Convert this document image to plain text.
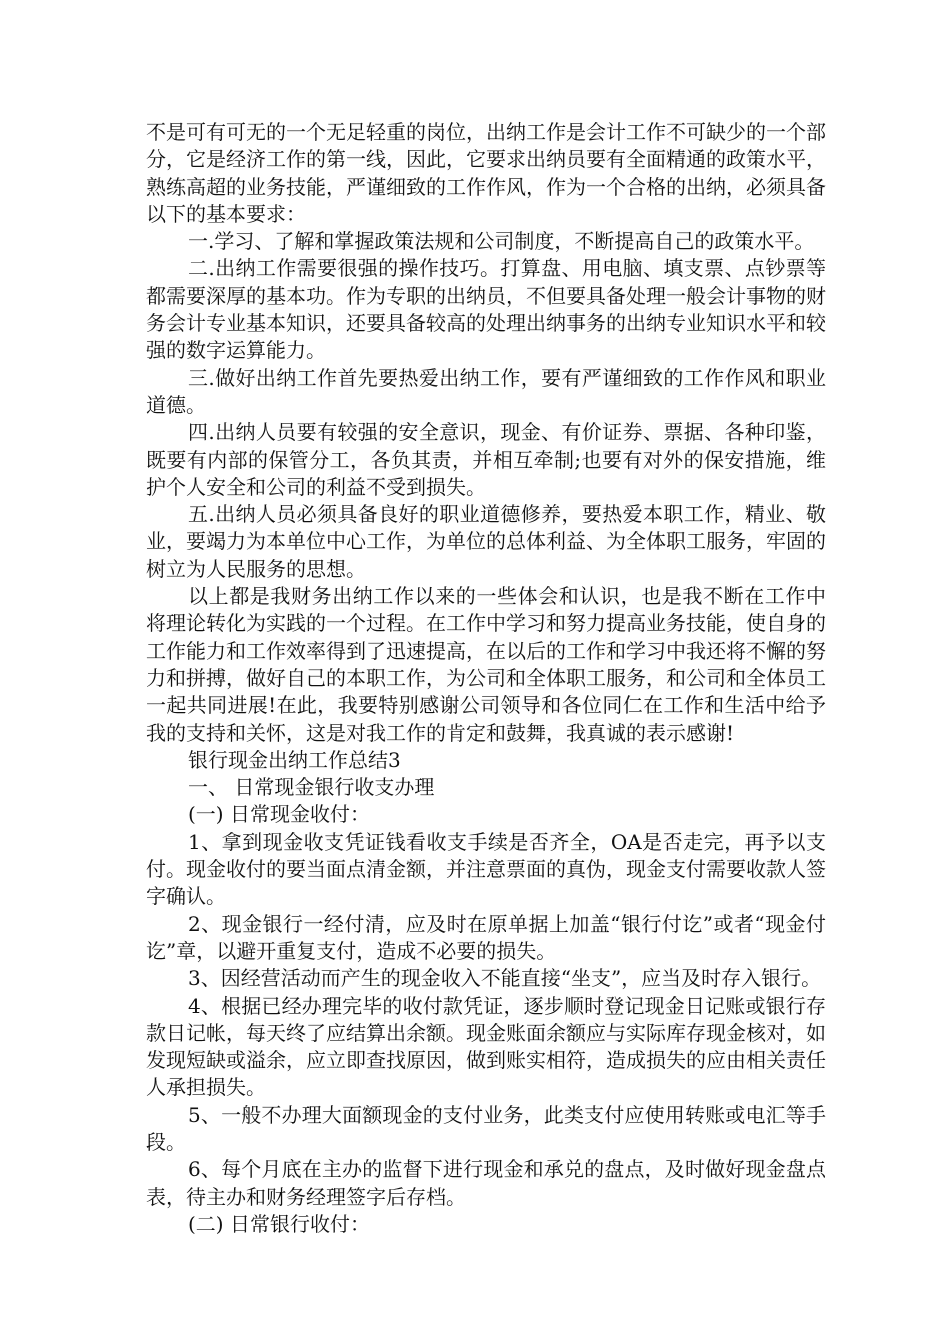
不是可有可无的一个无足轻重的岗位，出纳工作是会计工作不可缺少的一个部分，它是经济工作的第一线，因此，它要求出纳员要有全面精通的政策水平，熟练高超的业务技能，严谨细致的工作作风，作为一个合格的出纳，必须具备以下的基本要求：

一.学习、了解和掌握政策法规和公司制度，不断提高自己的政策水平。

二.出纳工作需要很强的操作技巧。打算盘、用电脑、填支票、点钞票等都需要深厚的基本功。作为专职的出纳员，不但要具备处理一般会计事物的财务会计专业基本知识，还要具备较高的处理出纳事务的出纳专业知识水平和较强的数字运算能力。

三.做好出纳工作首先要热爱出纳工作，要有严谨细致的工作作风和职业道德。

四.出纳人员要有较强的安全意识，现金、有价证券、票据、各种印鉴，既要有内部的保管分工，各负其责，并相互牵制;也要有对外的保安措施，维护个人安全和公司的利益不受到损失。

五.出纳人员必须具备良好的职业道德修养，要热爱本职工作，精业、敬业，要竭力为本单位中心工作，为单位的总体利益、为全体职工服务，牢固的树立为人民服务的思想。

以上都是我财务出纳工作以来的一些体会和认识，也是我不断在工作中将理论转化为实践的一个过程。在工作中学习和努力提高业务技能，使自身的工作能力和工作效率得到了迅速提高，在以后的工作和学习中我还将不懈的努力和拼搏，做好自己的本职工作，为公司和全体职工服务，和公司和全体员工一起共同进展!在此，我要特别感谢公司领导和各位同仁在工作和生活中给予我的支持和关怀，这是对我工作的肯定和鼓舞，我真诚的表示感谢!

银行现金出纳工作总结3

一、 日常现金银行收支办理

(一) 日常现金收付：

1、拿到现金收支凭证钱看收支手续是否齐全，OA是否走完，再予以支付。现金收付的要当面点清金额，并注意票面的真伪，现金支付需要收款人签字确认。

2、现金银行一经付清，应及时在原单据上加盖“银行付讫”或者“现金付讫”章，以避开重复支付，造成不必要的损失。

3、因经营活动而产生的现金收入不能直接“坐支”，应当及时存入银行。

4、根据已经办理完毕的收付款凭证，逐步顺时登记现金日记账或银行存款日记帐，每天终了应结算出余额。现金账面余额应与实际库存现金核对，如发现短缺或溢余，应立即查找原因，做到账实相符，造成损失的应由相关责任人承担损失。

5、一般不办理大面额现金的支付业务，此类支付应使用转账或电汇等手段。

6、每个月底在主办的监督下进行现金和承兑的盘点，及时做好现金盘点表，待主办和财务经理签字后存档。

(二) 日常银行收付：
